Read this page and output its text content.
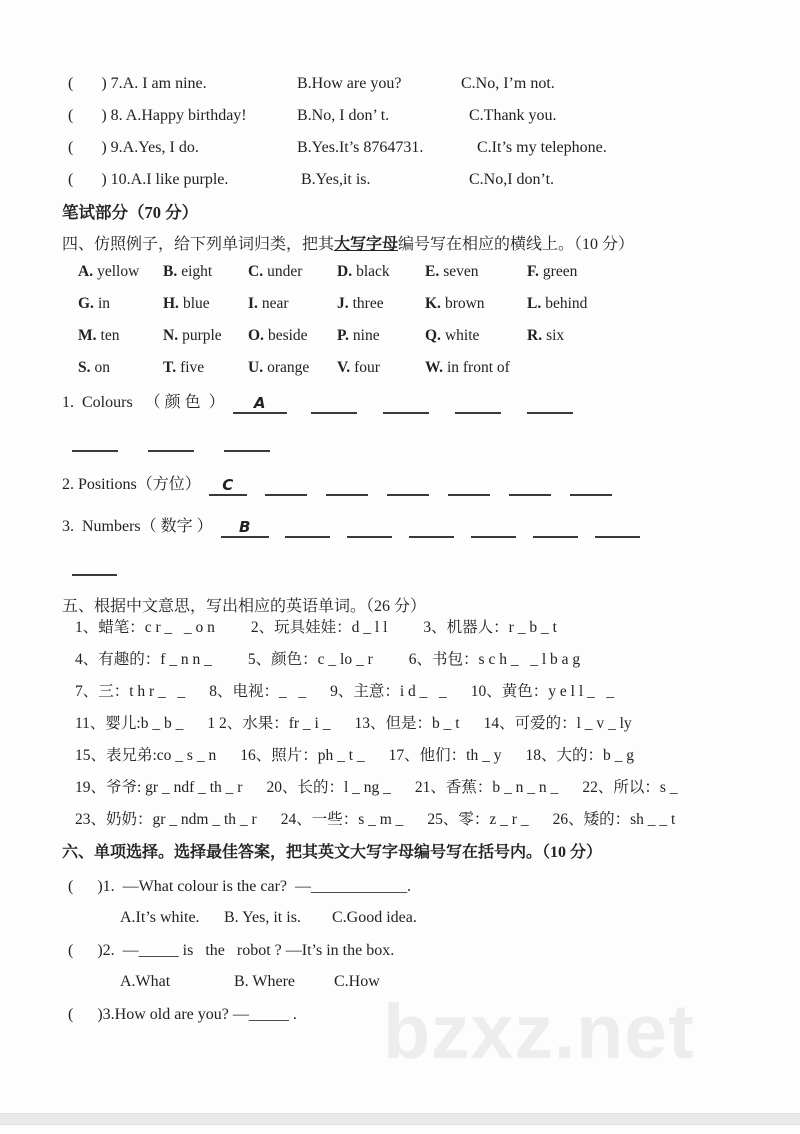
bzxz.net
(       ) 7.A. I am nine.	B.How are you?	C.No, I’m not.
(       ) 8. A.Happy birthday!	B.No, I don’ t.	C.Thank you.
(       ) 9.A.Yes, I do.	B.Yes.It’s 8764731.	C.It’s my telephone.
(       ) 10.A.I like purple.	B.Yes,it is.	C.No,I don’t.
笔试部分（70 分）
四、仿照例子，给下列单词归类，把其大写字母编号写在相应的横线上。（10 分）
A. yellow	B. eight	C. under	D. black	E. seven	F. green
G. in	H. blue	I. near	J. three	K. brown	L. behind
M. ten	N. purple	O. beside	P. nine	Q. white	R. six
S. on	T. five	U. orange	V. four	W. in front of
1.  Colours   （ 颜 色  ）	A

2. Positions（方位）	C
3.  Numbers（ 数字 ）	B
五、根据中文意思，写出相应的英语单词。（26 分）
1、蜡笔：c r _   _ o n 2、玩具娃娃：d _ l l 3、机器人：r _ b _ t
4、有趣的：f _ n n _ 5、颜色：c _ lo _ r 6、书包：s c h _   _ l b a g
7、三：t h r _   _ 8、电视：_   _ 9、主意：i d _   _ 10、黄色：y e l l _   _
11、婴儿:b _ b _ 1 2、水果：fr _ i _ 13、但是：b _ t 14、可爱的：l _ v _ ly
15、表兄弟:co _ s _ n 16、照片：ph _ t _ 17、他们：th _ y 18、大的：b _ g
19、爷爷: gr _ ndf _ th _ r 20、长的：l _ ng _ 21、香蕉：b _ n _ n _ 22、所以：s _
23、奶奶：gr _ ndm _ th _ r 24、一些：s _ m _ 25、零：z _ r _ 26、矮的：sh _ _ t
六、单项选择。选择最佳答案，把其英文大写字母编号写在括号内。（10 分）
(      )1.  —What colour is the car?  —____________.
A.It’s white.	B. Yes, it is.	C.Good idea.
(      )2.  —_____ is   the   robot ? —It’s in the box.
A.What	B. Where	C.How
(      )3.How old are you? —_____ .
